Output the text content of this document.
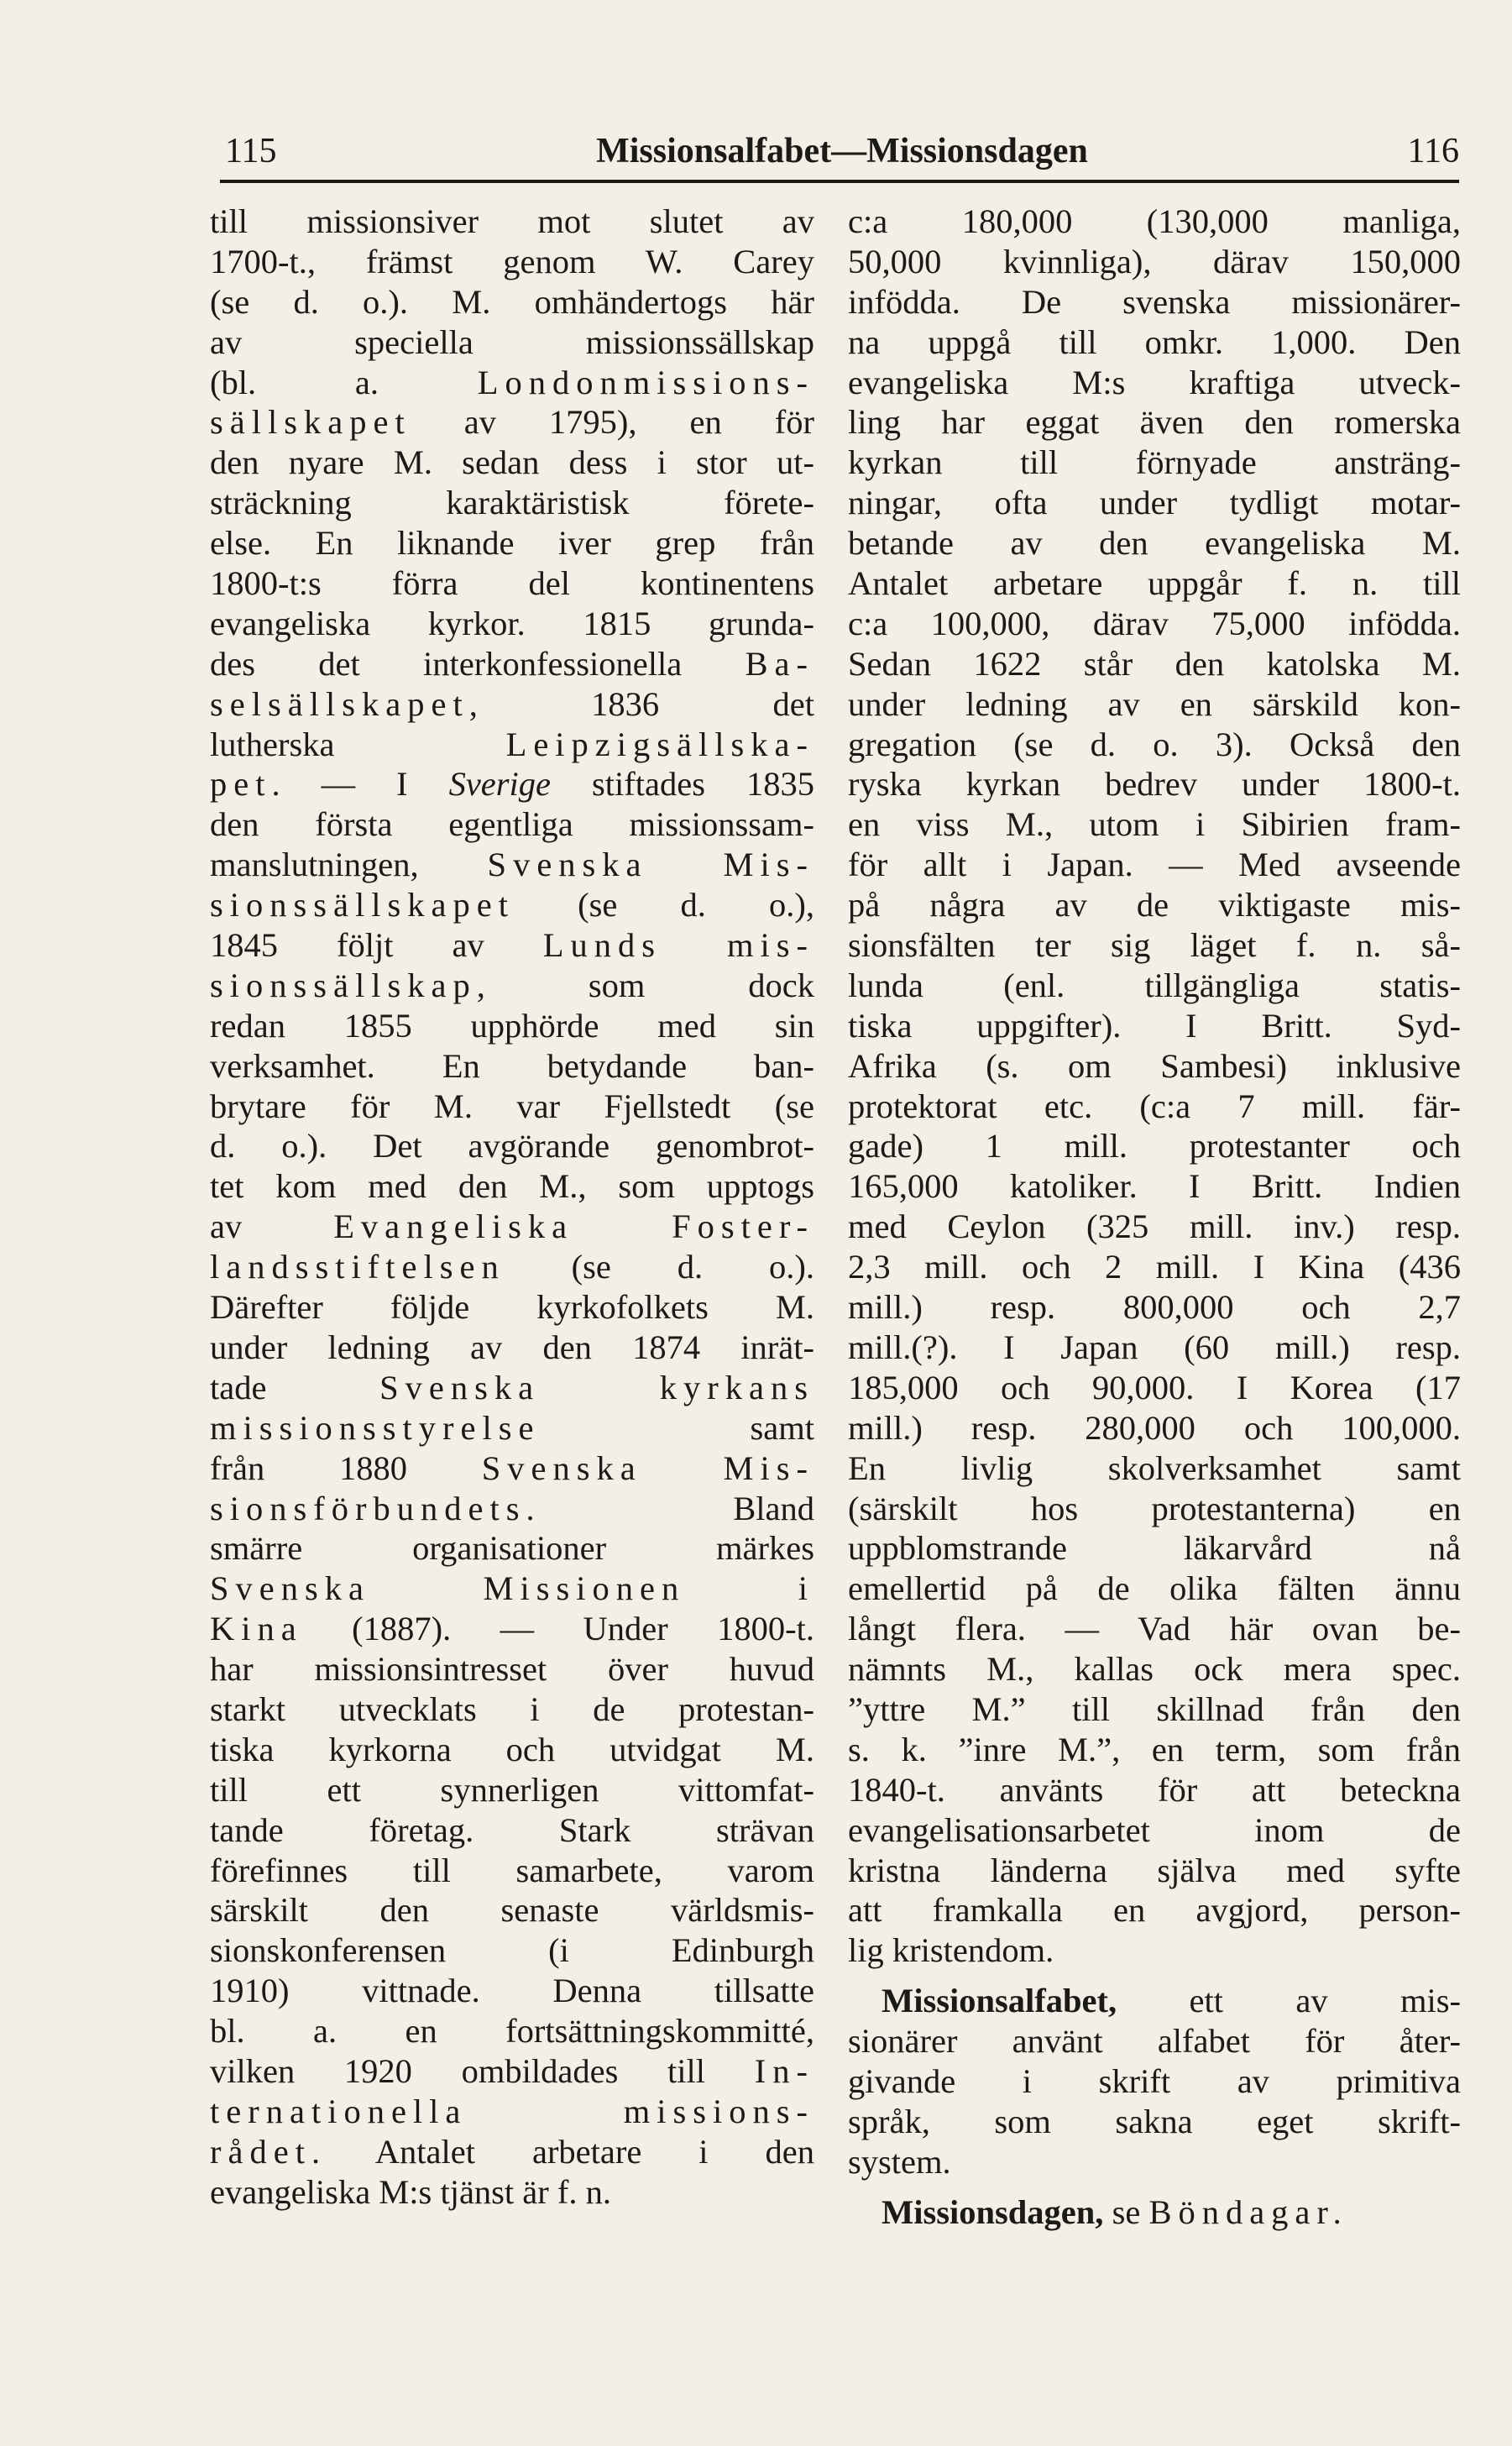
115	Missionsalfabet—Missionsdagen	116
till missionsiver mot slutet av
1700-t., främst genom W. Carey
(se d. o.). M. omhändertogs här
av speciella missionssällskap
(bl. a. Londonmissions-
sällskapet av 1795), en för
den nyare M. sedan dess i stor ut-
sträckning karaktäristisk förete-
else. En liknande iver grep från
1800-t:s förra del kontinentens
evangeliska kyrkor. 1815 grunda-
des det interkonfessionella Ba-
selsällskapet, 1836 det
lutherska Leipzigsällska-
pet. — I Sverige stiftades 1835
den första egentliga missionssam-
manslutningen, Svenska Mis-
sionssällskapet (se d. o.),
1845 följt av Lunds mis-
sionssällskap, som dock
redan 1855 upphörde med sin
verksamhet. En betydande ban-
brytare för M. var Fjellstedt (se
d. o.). Det avgörande genombrot-
tet kom med den M., som upptogs
av Evangeliska Foster-
landsstiftelsen (se d. o.).
Därefter följde kyrkofolkets M.
under ledning av den 1874 inrät-
tade Svenska kyrkans
missionsstyrelse samt
från 1880 Svenska Mis-
sionsförbundets. Bland
smärre organisationer märkes
Svenska Missionen i
Kina (1887). — Under 1800-t.
har missionsintresset över huvud
starkt utvecklats i de protestan-
tiska kyrkorna och utvidgat M.
till ett synnerligen vittomfat-
tande företag. Stark strävan
förefinnes till samarbete, varom
särskilt den senaste världsmis-
sionskonferensen (i Edinburgh
1910) vittnade. Denna tillsatte
bl. a. en fortsättningskommitté,
vilken 1920 ombildades till In-
ternationella missions-
rådet. Antalet arbetare i den
evangeliska M:s tjänst är f. n.
c:a 180,000 (130,000 manliga,
50,000 kvinnliga), därav 150,000
infödda. De svenska missionärer-
na uppgå till omkr. 1,000. Den
evangeliska M:s kraftiga utveck-
ling har eggat även den romerska
kyrkan till förnyade ansträng-
ningar, ofta under tydligt motar-
betande av den evangeliska M.
Antalet arbetare uppgår f. n. till
c:a 100,000, därav 75,000 infödda.
Sedan 1622 står den katolska M.
under ledning av en särskild kon-
gregation (se d. o. 3). Också den
ryska kyrkan bedrev under 1800-t.
en viss M., utom i Sibirien fram-
för allt i Japan. — Med avseende
på några av de viktigaste mis-
sionsfälten ter sig läget f. n. så-
lunda (enl. tillgängliga statis-
tiska uppgifter). I Britt. Syd-
Afrika (s. om Sambesi) inklusive
protektorat etc. (c:a 7 mill. fär-
gade) 1 mill. protestanter och
165,000 katoliker. I Britt. Indien
med Ceylon (325 mill. inv.) resp.
2,3 mill. och 2 mill. I Kina (436
mill.) resp. 800,000 och 2,7
mill.(?). I Japan (60 mill.) resp.
185,000 och 90,000. I Korea (17
mill.) resp. 280,000 och 100,000.
En livlig skolverksamhet samt
(särskilt hos protestanterna) en
uppblomstrande läkarvård nå
emellertid på de olika fälten ännu
långt flera. — Vad här ovan be-
nämnts M., kallas ock mera spec.
”yttre M.” till skillnad från den
s. k. ”inre M.”, en term, som från
1840-t. använts för att beteckna
evangelisationsarbetet inom de
kristna länderna själva med syfte
att framkalla en avgjord, person-
lig kristendom.
Missionsalfabet, ett av mis-
sionärer använt alfabet för åter-
givande i skrift av primitiva
språk, som sakna eget skrift-
system.
Missionsdagen, se Böndagar.
